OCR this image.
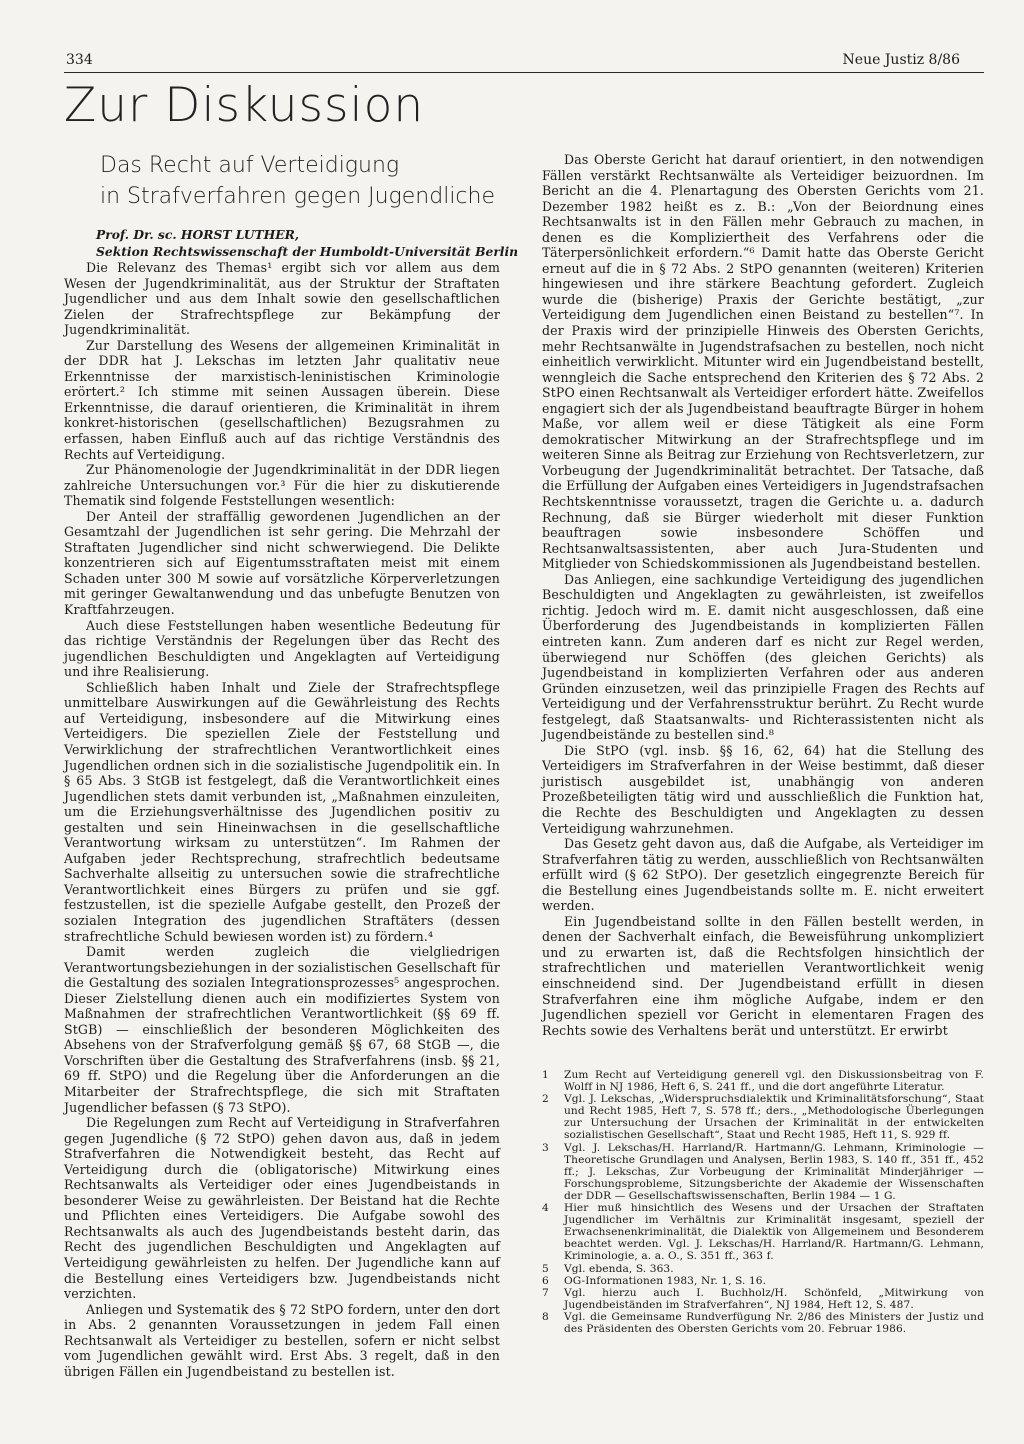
334	Neue Justiz 8/86
Zur Diskussion
Das Recht auf Verteidigung
in Strafverfahren gegen Jugendliche
Prof. Dr. sc. HORST LUTHER,
Sektion Rechtswissenschaft der Humboldt-Universität Berlin

Die Relevanz des Themas¹ ergibt sich vor allem aus dem Wesen der Jugendkriminalität, aus der Struktur der Straftaten Jugendlicher und aus dem Inhalt sowie den gesellschaftlichen Zielen der Strafrechtspflege zur Bekämpfung der Jugendkriminalität.

Zur Darstellung des Wesens der allgemeinen Kriminalität in der DDR hat J. Lekschas im letzten Jahr qualitativ neue Erkenntnisse der marxistisch-leninistischen Kriminologie erörtert.² Ich stimme mit seinen Aussagen überein. Diese Erkenntnisse, die darauf orientieren, die Kriminalität in ihrem konkret-historischen (gesellschaftlichen) Bezugsrahmen zu erfassen, haben Einfluß auch auf das richtige Verständnis des Rechts auf Verteidigung.

Zur Phänomenologie der Jugendkriminalität in der DDR liegen zahlreiche Untersuchungen vor.³ Für die hier zu diskutierende Thematik sind folgende Feststellungen wesentlich:

Der Anteil der straffällig gewordenen Jugendlichen an der Gesamtzahl der Jugendlichen ist sehr gering. Die Mehrzahl der Straftaten Jugendlicher sind nicht schwerwiegend. Die Delikte konzentrieren sich auf Eigentumsstraftaten meist mit einem Schaden unter 300 M sowie auf vorsätzliche Körperverletzungen mit geringer Gewaltanwendung und das unbefugte Benutzen von Kraftfahrzeugen.

Auch diese Feststellungen haben wesentliche Bedeutung für das richtige Verständnis der Regelungen über das Recht des jugendlichen Beschuldigten und Angeklagten auf Verteidigung und ihre Realisierung.

Schließlich haben Inhalt und Ziele der Strafrechtspflege unmittelbare Auswirkungen auf die Gewährleistung des Rechts auf Verteidigung, insbesondere auf die Mitwirkung eines Verteidigers. Die speziellen Ziele der Feststellung und Verwirklichung der strafrechtlichen Verantwortlichkeit eines Jugendlichen ordnen sich in die sozialistische Jugendpolitik ein. In § 65 Abs. 3 StGB ist festgelegt, daß die Verantwortlichkeit eines Jugendlichen stets damit verbunden ist, „Maßnahmen einzuleiten, um die Erziehungsverhältnisse des Jugendlichen positiv zu gestalten und sein Hineinwachsen in die gesellschaftliche Verantwortung wirksam zu unterstützen“. Im Rahmen der Aufgaben jeder Rechtsprechung, strafrechtlich bedeutsame Sachverhalte allseitig zu untersuchen sowie die strafrechtliche Verantwortlichkeit eines Bürgers zu prüfen und sie ggf. festzustellen, ist die spezielle Aufgabe gestellt, den Prozeß der sozialen Integration des jugendlichen Straftäters (dessen strafrechtliche Schuld bewiesen worden ist) zu fördern.⁴

Damit werden zugleich die vielgliedrigen Verantwortungsbeziehungen in der sozialistischen Gesellschaft für die Gestaltung des sozialen Integrationsprozesses⁵ angesprochen. Dieser Zielstellung dienen auch ein modifiziertes System von Maßnahmen der strafrechtlichen Verantwortlichkeit (§§ 69 ff. StGB) — einschließlich der besonderen Möglichkeiten des Absehens von der Strafverfolgung gemäß §§ 67, 68 StGB —, die Vorschriften über die Gestaltung des Strafverfahrens (insb. §§ 21, 69 ff. StPO) und die Regelung über die Anforderungen an die Mitarbeiter der Strafrechtspflege, die sich mit Straftaten Jugendlicher befassen (§ 73 StPO).

Die Regelungen zum Recht auf Verteidigung in Strafverfahren gegen Jugendliche (§ 72 StPO) gehen davon aus, daß in jedem Strafverfahren die Notwendigkeit besteht, das Recht auf Verteidigung durch die (obligatorische) Mitwirkung eines Rechtsanwalts als Verteidiger oder eines Jugendbeistands in besonderer Weise zu gewährleisten. Der Beistand hat die Rechte und Pflichten eines Verteidigers. Die Aufgabe sowohl des Rechtsanwalts als auch des Jugendbeistands besteht darin, das Recht des jugendlichen Beschuldigten und Angeklagten auf Verteidigung gewährleisten zu helfen. Der Jugendliche kann auf die Bestellung eines Verteidigers bzw. Jugendbeistands nicht verzichten.

Anliegen und Systematik des § 72 StPO fordern, unter den dort in Abs. 2 genannten Voraussetzungen in jedem Fall einen Rechtsanwalt als Verteidiger zu bestellen, sofern er nicht selbst vom Jugendlichen gewählt wird. Erst Abs. 3 regelt, daß in den übrigen Fällen ein Jugendbeistand zu bestellen ist.

Das Oberste Gericht hat darauf orientiert, in den notwendigen Fällen verstärkt Rechtsanwälte als Verteidiger beizuordnen. Im Bericht an die 4. Plenartagung des Obersten Gerichts vom 21. Dezember 1982 heißt es z. B.: „Von der Beiordnung eines Rechtsanwalts ist in den Fällen mehr Gebrauch zu machen, in denen es die Kompliziertheit des Verfahrens oder die Täterpersönlichkeit erfordern.“⁶ Damit hatte das Oberste Gericht erneut auf die in § 72 Abs. 2 StPO genannten (weiteren) Kriterien hingewiesen und ihre stärkere Beachtung gefordert. Zugleich wurde die (bisherige) Praxis der Gerichte bestätigt, „zur Verteidigung dem Jugendlichen einen Beistand zu bestellen“⁷. In der Praxis wird der prinzipielle Hinweis des Obersten Gerichts, mehr Rechtsanwälte in Jugendstrafsachen zu bestellen, noch nicht einheitlich verwirklicht. Mitunter wird ein Jugendbeistand bestellt, wenngleich die Sache entsprechend den Kriterien des § 72 Abs. 2 StPO einen Rechtsanwalt als Verteidiger erfordert hätte. Zweifellos engagiert sich der als Jugendbeistand beauftragte Bürger in hohem Maße, vor allem weil er diese Tätigkeit als eine Form demokratischer Mitwirkung an der Strafrechtspflege und im weiteren Sinne als Beitrag zur Erziehung von Rechtsverletzern, zur Vorbeugung der Jugendkriminalität betrachtet. Der Tatsache, daß die Erfüllung der Aufgaben eines Verteidigers in Jugendstrafsachen Rechtskenntnisse voraussetzt, tragen die Gerichte u. a. dadurch Rechnung, daß sie Bürger wiederholt mit dieser Funktion beauftragen sowie insbesondere Schöffen und Rechtsanwaltsassistenten, aber auch Jura-Studenten und Mitglieder von Schiedskommissionen als Jugendbeistand bestellen.

Das Anliegen, eine sachkundige Verteidigung des jugendlichen Beschuldigten und Angeklagten zu gewährleisten, ist zweifellos richtig. Jedoch wird m. E. damit nicht ausgeschlossen, daß eine Überforderung des Jugendbeistands in komplizierten Fällen eintreten kann. Zum anderen darf es nicht zur Regel werden, überwiegend nur Schöffen (des gleichen Gerichts) als Jugendbeistand in komplizierten Verfahren oder aus anderen Gründen einzusetzen, weil das prinzipielle Fragen des Rechts auf Verteidigung und der Verfahrensstruktur berührt. Zu Recht wurde festgelegt, daß Staatsanwalts- und Richterassistenten nicht als Jugendbeistände zu bestellen sind.⁸

Die StPO (vgl. insb. §§ 16, 62, 64) hat die Stellung des Verteidigers im Strafverfahren in der Weise bestimmt, daß dieser juristisch ausgebildet ist, unabhängig von anderen Prozeßbeteiligten tätig wird und ausschließlich die Funktion hat, die Rechte des Beschuldigten und Angeklagten zu dessen Verteidigung wahrzunehmen.

Das Gesetz geht davon aus, daß die Aufgabe, als Verteidiger im Strafverfahren tätig zu werden, ausschließlich von Rechtsanwälten erfüllt wird (§ 62 StPO). Der gesetzlich eingegrenzte Bereich für die Bestellung eines Jugendbeistands sollte m. E. nicht erweitert werden.

Ein Jugendbeistand sollte in den Fällen bestellt werden, in denen der Sachverhalt einfach, die Beweisführung unkompliziert und zu erwarten ist, daß die Rechtsfolgen hinsichtlich der strafrechtlichen und materiellen Verantwortlichkeit wenig einschneidend sind. Der Jugendbeistand erfüllt in diesen Strafverfahren eine ihm mögliche Aufgabe, indem er den Jugendlichen speziell vor Gericht in elementaren Fragen des Rechts sowie des Verhaltens berät und unterstützt. Er erwirbt

1	Zum Recht auf Verteidigung generell vgl. den Diskussionsbeitrag von F. Wolff in NJ 1986, Heft 6, S. 241 ff., und die dort angeführte Literatur.
2	Vgl. J. Lekschas, „Widerspruchsdialektik und Kriminalitätsforschung“, Staat und Recht 1985, Heft 7, S. 578 ff.; ders., „Methodologische Überlegungen zur Untersuchung der Ursachen der Kriminalität in der entwickelten sozialistischen Gesellschaft“, Staat und Recht 1985, Heft 11, S. 929 ff.
3	Vgl. J. Lekschas/H. Harrland/R. Hartmann/G. Lehmann, Kriminologie — Theoretische Grundlagen und Analysen, Berlin 1983, S. 140 ff., 351 ff., 452 ff.; J. Lekschas, Zur Vorbeugung der Kriminalität Minderjähriger — Forschungsprobleme, Sitzungsberichte der Akademie der Wissenschaften der DDR — Gesellschaftswissenschaften, Berlin 1984 — 1 G.
4	Hier muß hinsichtlich des Wesens und der Ursachen der Straftaten Jugendlicher im Verhältnis zur Kriminalität insgesamt, speziell der Erwachsenenkriminalität, die Dialektik von Allgemeinem und Besonderem beachtet werden. Vgl. J. Lekschas/H. Harrland/R. Hartmann/G. Lehmann, Kriminologie, a. a. O., S. 351 ff., 363 f.
5	Vgl. ebenda, S. 363.
6	OG-Informationen 1983, Nr. 1, S. 16.
7	Vgl. hierzu auch I. Buchholz/H. Schönfeld, „Mitwirkung von Jugendbeiständen im Strafverfahren“, NJ 1984, Heft 12, S. 487.
8	Vgl. die Gemeinsame Rundverfügung Nr. 2/86 des Ministers der Justiz und des Präsidenten des Obersten Gerichts vom 20. Februar 1986.
